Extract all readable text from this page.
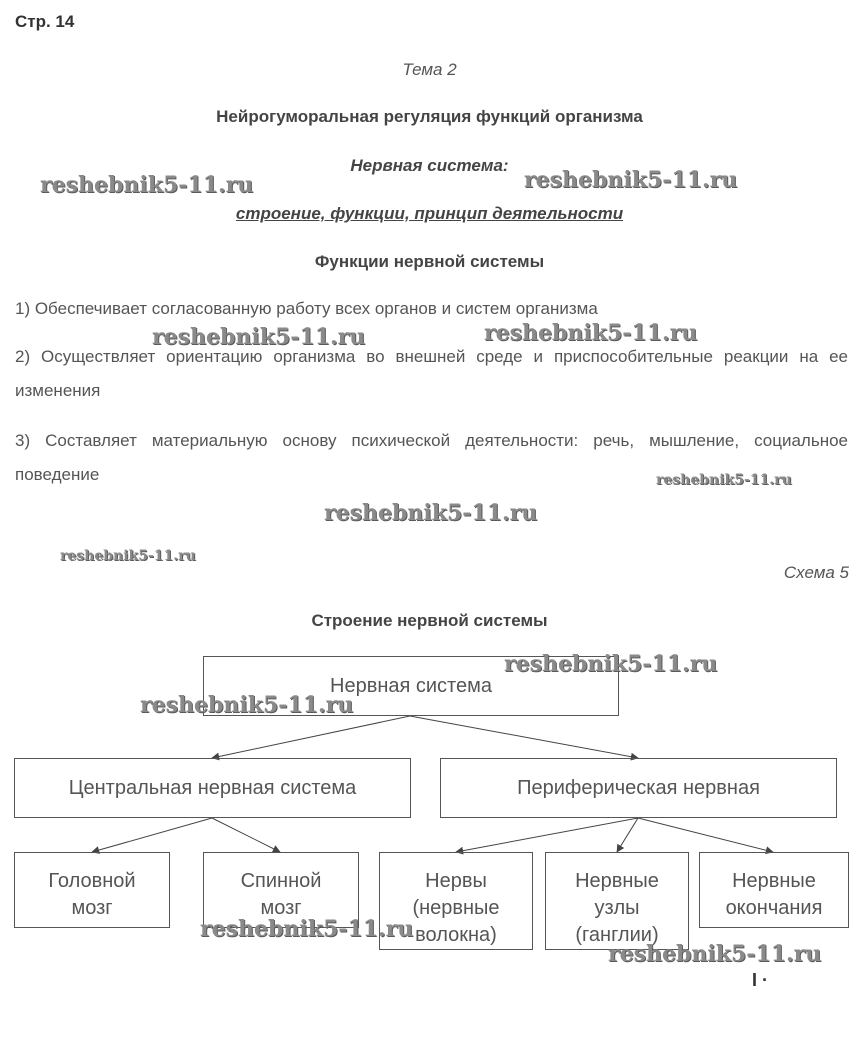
Стр. 14
Тема 2
Нейрогуморальная регуляция функций организма
Нервная система:
строение, функции, принцип деятельности
Функции нервной системы
1) Обеспечивает согласованную работу всех органов и систем организма
2) Осуществляет ориентацию организма во внешней среде и приспособительные реакции на ее изменения
3) Составляет материальную основу психической деятельности: речь, мышление, социальное поведение
Схема 5
Строение нервной системы
Нервная система
Центральная нервная система	Периферическая нервная
Головной мозг
Спинной мозг
Нервы (нервные волокна)
Нервные узлы (ганглии)
Нервные окончания
reshebnik5-11.ru	reshebnik5-11.ru
reshebnik5-11.ru	reshebnik5-11.ru
reshebnik5-11.ru
reshebnik5-11.ru
reshebnik5-11.ru
reshebnik5-11.ru
reshebnik5-11.ru
reshebnik5-11.ru
reshebnik5-11.ru
I ·
